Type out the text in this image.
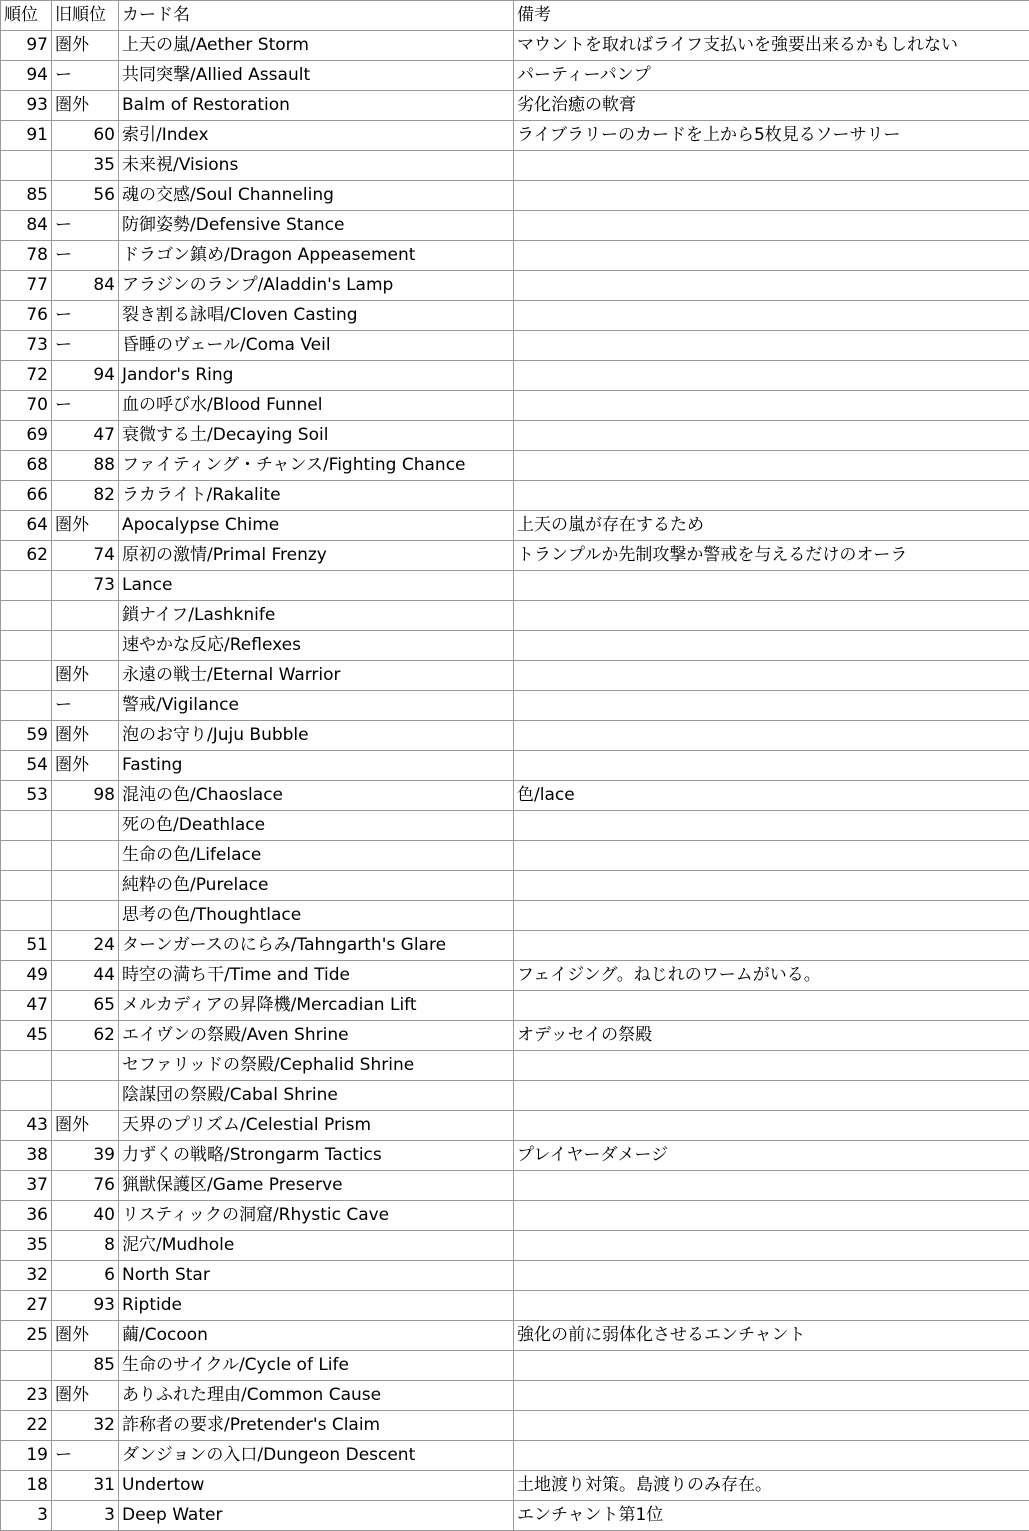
順位	旧順位	カード名	備考
97	圏外	上天の嵐/Aether Storm	マウントを取ればライフ支払いを強要出来るかもしれない
94	ー	共同突撃/Allied Assault	パーティーパンプ
93	圏外	Balm of Restoration	劣化治癒の軟膏
91	60	索引/Index	ライブラリーのカードを上から5枚見るソーサリー
	35	未来視/Visions	
85	56	魂の交感/Soul Channeling	
84	ー	防御姿勢/Defensive Stance	
78	ー	ドラゴン鎮め/Dragon Appeasement	
77	84	アラジンのランプ/Aladdin's Lamp	
76	ー	裂き割る詠唱/Cloven Casting	
73	ー	昏睡のヴェール/Coma Veil	
72	94	Jandor's Ring	
70	ー	血の呼び水/Blood Funnel	
69	47	衰微する土/Decaying Soil	
68	88	ファイティング・チャンス/Fighting Chance	
66	82	ラカライト/Rakalite	
64	圏外	Apocalypse Chime	上天の嵐が存在するため
62	74	原初の激情/Primal Frenzy	トランプルか先制攻撃か警戒を与えるだけのオーラ
	73	Lance	
		鎖ナイフ/Lashknife	
		速やかな反応/Reflexes	
	圏外	永遠の戦士/Eternal Warrior	
	ー	警戒/Vigilance	
59	圏外	泡のお守り/Juju Bubble	
54	圏外	Fasting	
53	98	混沌の色/Chaoslace	色/lace
		死の色/Deathlace	
		生命の色/Lifelace	
		純粋の色/Purelace	
		思考の色/Thoughtlace	
51	24	ターンガースのにらみ/Tahngarth's Glare	
49	44	時空の満ち干/Time and Tide	フェイジング。ねじれのワームがいる。
47	65	メルカディアの昇降機/Mercadian Lift	
45	62	エイヴンの祭殿/Aven Shrine	オデッセイの祭殿
		セファリッドの祭殿/Cephalid Shrine	
		陰謀団の祭殿/Cabal Shrine	
43	圏外	天界のプリズム/Celestial Prism	
38	39	力ずくの戦略/Strongarm Tactics	プレイヤーダメージ
37	76	猟獣保護区/Game Preserve	
36	40	リスティックの洞窟/Rhystic Cave	
35	8	泥穴/Mudhole	
32	6	North Star	
27	93	Riptide	
25	圏外	繭/Cocoon	強化の前に弱体化させるエンチャント
	85	生命のサイクル/Cycle of Life	
23	圏外	ありふれた理由/Common Cause	
22	32	詐称者の要求/Pretender's Claim	
19	ー	ダンジョンの入口/Dungeon Descent	
18	31	Undertow	土地渡り対策。島渡りのみ存在。
3	3	Deep Water	エンチャント第1位
